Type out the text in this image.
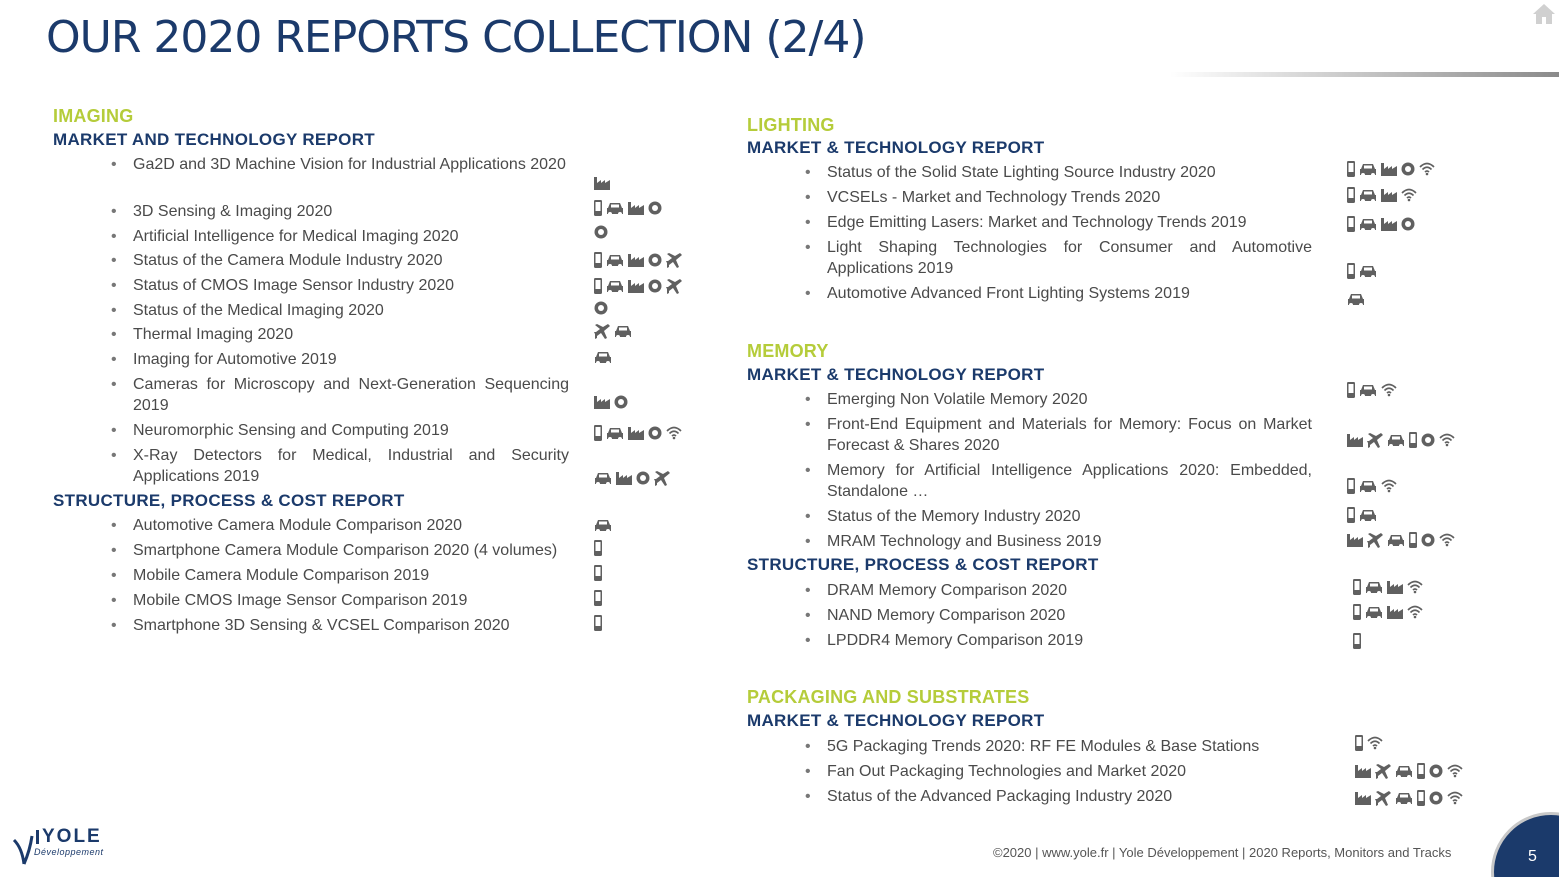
OUR 2020 REPORTS COLLECTION (2/4)
IMAGING
MARKET AND TECHNOLOGY REPORT
• Ga2D and 3D Machine Vision for Industrial Applications 2020
• 3D Sensing & Imaging 2020
• Artificial Intelligence for Medical Imaging 2020
• Status of the Camera Module Industry 2020
• Status of CMOS Image Sensor Industry 2020
• Status of the Medical Imaging 2020
• Thermal Imaging 2020
• Imaging for Automotive 2019
• Cameras for Microscopy and Next-Generation Sequencing 2019
• Neuromorphic Sensing and Computing 2019
• X-Ray Detectors for Medical, Industrial and Security Applications 2019
STRUCTURE, PROCESS & COST REPORT
• Automotive Camera Module Comparison 2020
• Smartphone Camera Module Comparison 2020 (4 volumes)
• Mobile Camera Module Comparison 2019
• Mobile CMOS Image Sensor Comparison 2019
• Smartphone 3D Sensing & VCSEL Comparison 2020
LIGHTING
MARKET & TECHNOLOGY REPORT
• Status of the Solid State Lighting Source Industry 2020
• VCSELs - Market and Technology Trends 2020
• Edge Emitting Lasers: Market and Technology Trends 2019
• Light Shaping Technologies for Consumer and Automotive Applications 2019
• Automotive Advanced Front Lighting Systems 2019
MEMORY
MARKET & TECHNOLOGY REPORT
• Emerging Non Volatile Memory 2020
• Front-End Equipment and Materials for Memory: Focus on Market Forecast & Shares 2020
• Memory for Artificial Intelligence Applications 2020: Embedded, Standalone …
• Status of the Memory Industry 2020
• MRAM Technology and Business 2019
STRUCTURE, PROCESS & COST REPORT
• DRAM Memory Comparison 2020
• NAND Memory Comparison 2020
• LPDDR4 Memory Comparison 2019
PACKAGING AND SUBSTRATES
MARKET & TECHNOLOGY REPORT
• 5G Packaging Trends 2020: RF FE Modules & Base Stations
• Fan Out Packaging Technologies and Market 2020
• Status of the Advanced Packaging Industry 2020
YOLE
Développement	©2020 | www.yole.fr | Yole Développement | 2020 Reports, Monitors and Tracks	5
